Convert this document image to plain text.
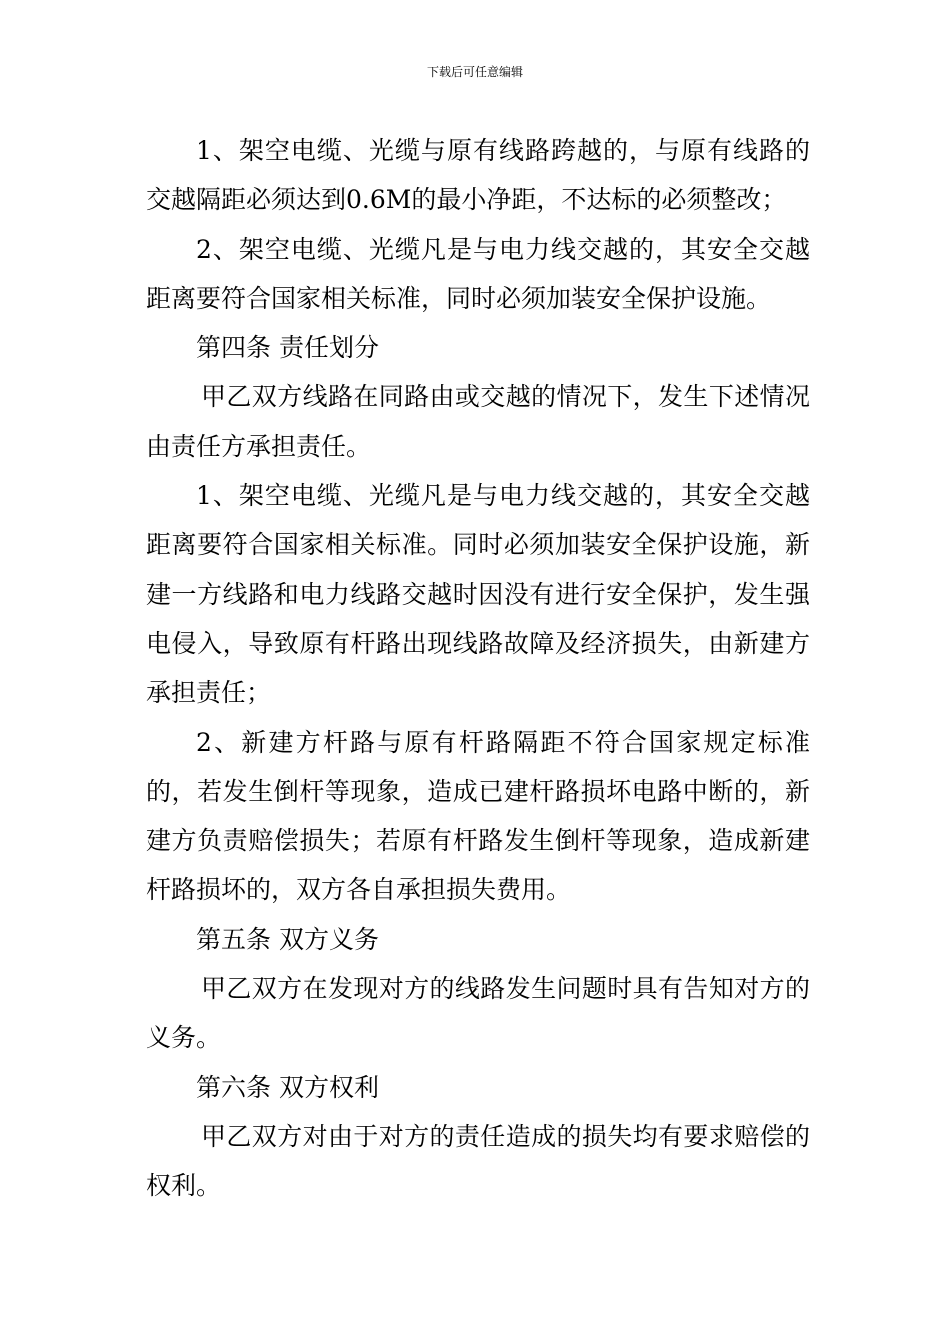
下载后可任意编辑

1、架空电缆、光缆与原有线路跨越的，与原有线路的交越隔距必须达到0.6M的最小净距，不达标的必须整改；

2、架空电缆、光缆凡是与电力线交越的，其安全交越距离要符合国家相关标准，同时必须加装安全保护设施。

第四条 责任划分

甲乙双方线路在同路由或交越的情况下，发生下述情况由责任方承担责任。

1、架空电缆、光缆凡是与电力线交越的，其安全交越距离要符合国家相关标准。同时必须加装安全保护设施，新建一方线路和电力线路交越时因没有进行安全保护，发生强电侵入，导致原有杆路出现线路故障及经济损失，由新建方承担责任；

2、新建方杆路与原有杆路隔距不符合国家规定标准的，若发生倒杆等现象，造成已建杆路损坏电路中断的，新建方负责赔偿损失；若原有杆路发生倒杆等现象，造成新建杆路损坏的，双方各自承担损失费用。

第五条 双方义务

甲乙双方在发现对方的线路发生问题时具有告知对方的义务。

第六条 双方权利

甲乙双方对由于对方的责任造成的损失均有要求赔偿的权利。
